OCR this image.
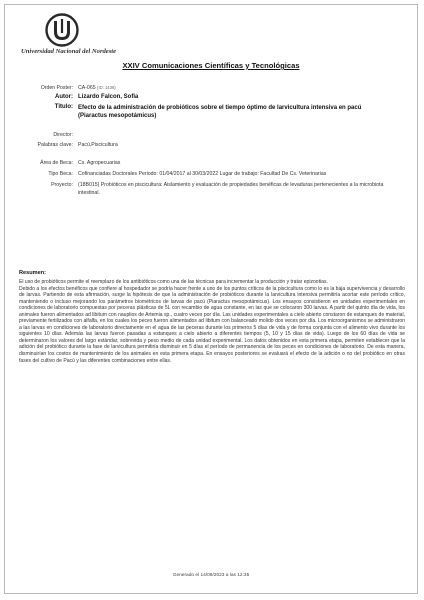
Universidad Nacional del Nordeste
XXIV Comunicaciones Científicas y Tecnológicas
Orden Poster: CA-065 (ID: 1436)
Autor: Lizardo Falcon, Sofia
Titulo: Efecto de la administración de probióticos sobre el tiempo óptimo de larvicultura intensiva en pacú (Piaractus mesopotámicus)
Director:
Palabras clave: Pacú,Piscicultura
Área de Beca: Cs. Agropecuarias
Tipo Beca: Cofinanciadas Doctorales Periodo: 01/04/2017 al 30/03/2022 Lugar de trabajo: Facultad De Cs. Veterinarias
Proyecto: (18B015) Probióticos en piscicultura: Aislamiento y evaluación de propiedades benéficas de levaduras pertenecientes a la microbiota intestinal.
Resumen:

El uso de probióticos permite el reemplazo de los antibióticos como una de las técnicas para incrementar la producción y tratar epizootias.

Debido a los efectos benéficos que confiere al hospedador se podría hacer frente a uno de los puntos críticos de la piscicultura como lo es la baja supervivencia y desarrollo de larvas. Partiendo de esta afirmación, surge la hipótesis de que la administración de probióticos durante la larvicultura intensiva permitiría acortar este período crítico, manteniendo o incluso mejorando los parámetros biométricos de larvas de pacú (Piaractus mesopotámicus). Los ensayos consistieron en unidades experimentales en condiciones de laboratorio compuestas por peceras plásticas de 5L con recambio de agua constante, en las que se colocaron 300 larvas. A partir del quinto día de vida, los animales fueron alimentados ad libitum con nauplios de Artemia sp., cuatro veces por día. Las unidades experimentales a cielo abierto constaron de estanques de material, previamente fertilizados con alfalfa, en los cuales los peces fueron alimentados ad libitum con balanceado molido dos veces por día. Los microorganismos se administraron a las larvas en condiciones de laboratorio directamente en el agua de las peceras durante los primeros 5 días de vida y de forma conjunta con el alimento vivo durante los siguientes 10 días. Además las larvas fueron pasadas a estanques a cielo abierto a diferentes tiempos (5, 10 y 15 días de vida). Luego de los 60 días de vida se determinaron los valores del largo estándar, sobrevida y peso medio de cada unidad experimental. Los datos obtenidos en esta primera etapa, permiten establecer que la adición del probiótico durante la fase de larvicultura permitiría disminuir en 5 días el período de permanencia de los peces en condiciones de laboratorio. De esta manera, disminuirían los costos de mantenimiento de los animales en esta primera etapa. En ensayos posteriores se evaluará el efecto de la adición o no del probiótico en otras fases del cultivo de Pacú y las diferentes combinaciones entre ellas.

Generado el 14/06/2023 a las 12:35
